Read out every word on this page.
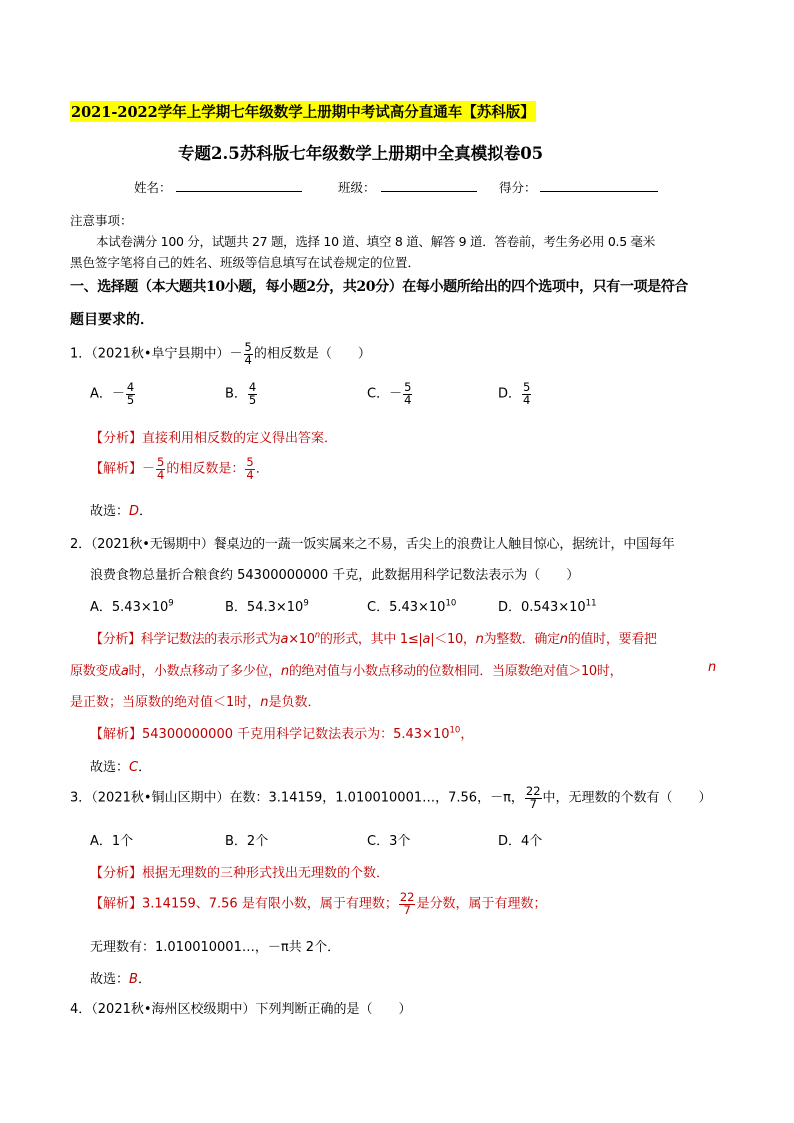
2021-2022学年上学期七年级数学上册期中考试高分直通车【苏科版】
专题2.5苏科版七年级数学上册期中全真模拟卷05
姓名：	班级：	得分：
注意事项：
本试卷满分 100 分，试题共 27 题，选择 10 道、填空 8 道、解答 9 道．答卷前，考生务必用 0.5 毫米
黑色签字笔将自己的姓名、班级等信息填写在试卷规定的位置．
一、选择题（本大题共10小题，每小题2分，共20分）在每小题所给出的四个选项中，只有一项是符合
题目要求的．
1．（2021秋•阜宁县期中）－ $\frac{5}{4}$ 的相反数是（　　）
A．－ $\frac{4}{5}$	B． $\frac{4}{5}$	C．－ $\frac{5}{4}$	D． $\frac{5}{4}$
【分析】直接利用相反数的定义得出答案．
【解析】－ $\frac{5}{4}$ 的相反数是： $\frac{5}{4}$ ．
故选：D．
2．（2021秋•无锡期中）餐桌边的一蔬一饭实属来之不易，舌尖上的浪费让人触目惊心，据统计，中国每年
浪费食物总量折合粮食约 54300000000 千克，此数据用科学记数法表示为（　　）
A．$5.43\times 10^9$	B．$54.3\times 10^9$	C．$5.43\times 10^{10}$	D．$0.543\times 10^{11}$
【分析】科学记数法的表示形式为$a\times 10^n$的形式，其中 1≤|a|＜10，n为整数．确定n的值时，要看把
原数变成a时，小数点移动了多少位，n的绝对值与小数点移动的位数相同．当原数绝对值＞10时，	n
是正数；当原数的绝对值＜1时，n是负数．
【解析】54300000000 千克用科学记数法表示为：$5.43\times 10^{10}$，
故选：C．
3．（2021秋•铜山区期中）在数：3.14159，1.010010001…，7.56，－π， $\frac{22}{7}$ 中，无理数的个数有（　　）
A．1个	B．2个	C．3个	D．4个
【分析】根据无理数的三种形式找出无理数的个数．
【解析】3.14159、7.56 是有限小数，属于有理数； $\frac{22}{7}$ 是分数，属于有理数；
无理数有：1.010010001…，－π共 2个．
故选：B．
4．（2021秋•海州区校级期中）下列判断正确的是（　　）
